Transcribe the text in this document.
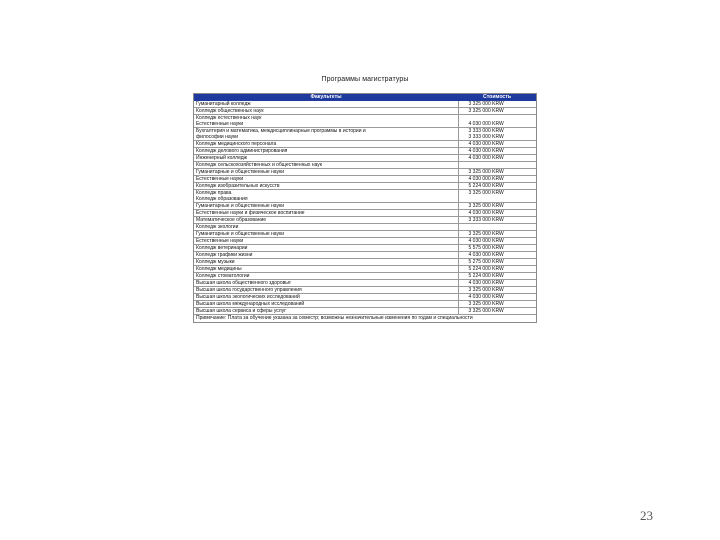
Программы магистратуры
Факультеты	Стоимость
Гуманитарный колледж	3 325 000 KRW
Колледж общественных наук	3 325 000 KRW
Колледж естественных наук	
Естественные науки	4 030 000 KRW
Бухгалтерия и математика, междисциплинарные программы в истории и	3 333 000 KRW
философии науки	3 333 000 KRW
Колледж медицинского персонала	4 030 000 KRW
Колледж делового администрирования	4 030 000 KRW
Инженерный колледж	4 030 000 KRW
Колледж сельскохозяйственных и общественных наук	
Гуманитарные и общественные науки	3 325 000 KRW
Естественные науки	4 030 000 KRW
Колледж изобразительных искусств	5 224 000 KRW
Колледж права	3 325 000 KRW
Колледж образования	
Гуманитарные и общественные науки	3 325 000 KRW
Естественные науки и физическое воспитание	4 030 000 KRW
Математическое образование	3 333 000 KRW
Колледж экологии	
Гуманитарные и общественные науки	3 325 000 KRW
Естественные науки	4 030 000 KRW
Колледж ветеринарии	5 575 000 KRW
Колледж графики жизни	4 030 000 KRW
Колледж музыки	5 275 000 KRW
Колледж медицины	5 224 000 KRW
Колледж стоматологии	5 224 000 KRW
Высшая школа общественного здоровья	4 030 000 KRW
Высшая школа государственного управления	3 325 000 KRW
Высшая школа экологических исследований	4 030 000 KRW
Высшая школа международных исследований	3 325 000 KRW
Высшая школа сервиса и сферы услуг	3 325 000 KRW
Примечание: Плата за обучение указана за семестр; возможны незначительные изменения по годам и специальности	
23
